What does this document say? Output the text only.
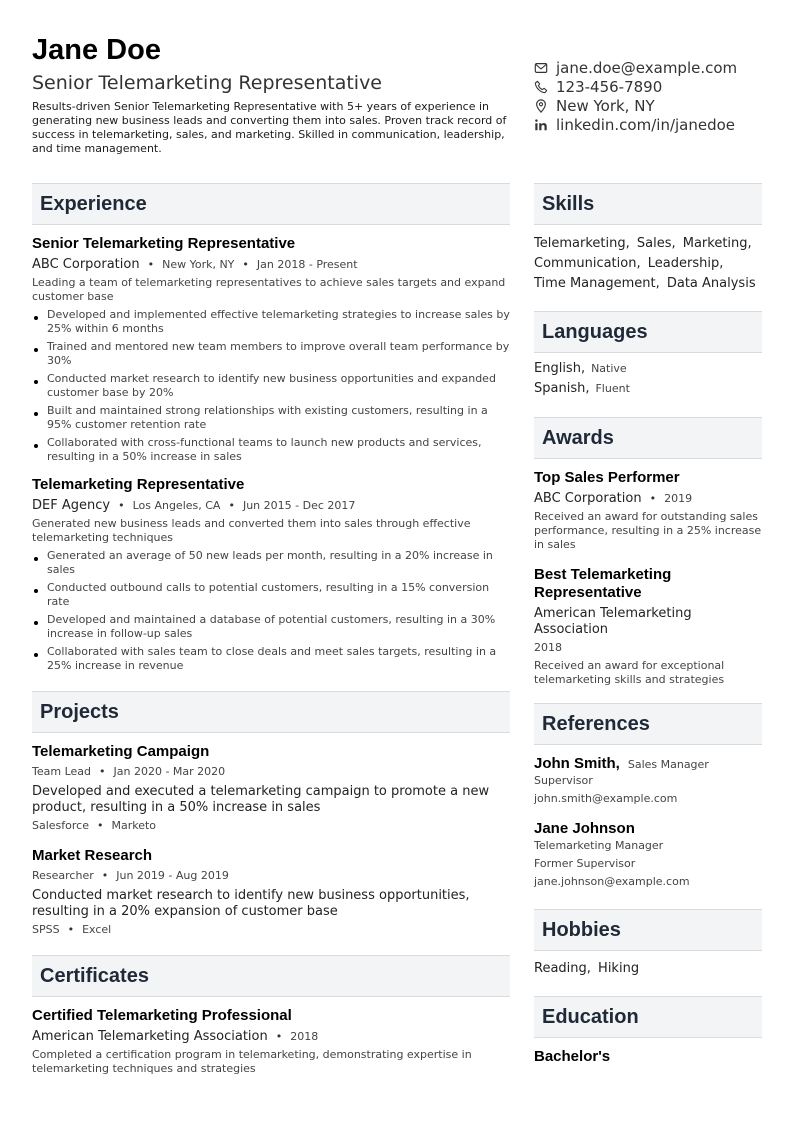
Jane Doe
Senior Telemarketing Representative
Results-driven Senior Telemarketing Representative with 5+ years of experience in generating new business leads and converting them into sales. Proven track record of success in telemarketing, sales, and marketing. Skilled in communication, leadership, and time management.
jane.doe@example.com
123-456-7890
New York, NY
linkedin.com/in/janedoe
Experience
Senior Telemarketing Representative
ABC Corporation • New York, NY • Jan 2018 - Present
Leading a team of telemarketing representatives to achieve sales targets and expand customer base
Developed and implemented effective telemarketing strategies to increase sales by 25% within 6 months
Trained and mentored new team members to improve overall team performance by 30%
Conducted market research to identify new business opportunities and expanded customer base by 20%
Built and maintained strong relationships with existing customers, resulting in a 95% customer retention rate
Collaborated with cross-functional teams to launch new products and services, resulting in a 50% increase in sales
Telemarketing Representative
DEF Agency • Los Angeles, CA • Jun 2015 - Dec 2017
Generated new business leads and converted them into sales through effective telemarketing techniques
Generated an average of 50 new leads per month, resulting in a 20% increase in sales
Conducted outbound calls to potential customers, resulting in a 15% conversion rate
Developed and maintained a database of potential customers, resulting in a 30% increase in follow-up sales
Collaborated with sales team to close deals and meet sales targets, resulting in a 25% increase in revenue
Projects
Telemarketing Campaign
Team Lead • Jan 2020 - Mar 2020
Developed and executed a telemarketing campaign to promote a new product, resulting in a 50% increase in sales
Salesforce • Marketo
Market Research
Researcher • Jun 2019 - Aug 2019
Conducted market research to identify new business opportunities, resulting in a 20% expansion of customer base
SPSS • Excel
Certificates
Certified Telemarketing Professional
American Telemarketing Association • 2018
Completed a certification program in telemarketing, demonstrating expertise in telemarketing techniques and strategies
Skills
Telemarketing, Sales, Marketing, Communication, Leadership, Time Management, Data Analysis
Languages
English, Native
Spanish, Fluent
Awards
Top Sales Performer
ABC Corporation • 2019
Received an award for outstanding sales performance, resulting in a 25% increase in sales
Best Telemarketing Representative
American Telemarketing Association
2018
Received an award for exceptional telemarketing skills and strategies
References
John Smith, Sales Manager
Supervisor
john.smith@example.com
Jane Johnson
Telemarketing Manager
Former Supervisor
jane.johnson@example.com
Hobbies
Reading, Hiking
Education
Bachelor's
